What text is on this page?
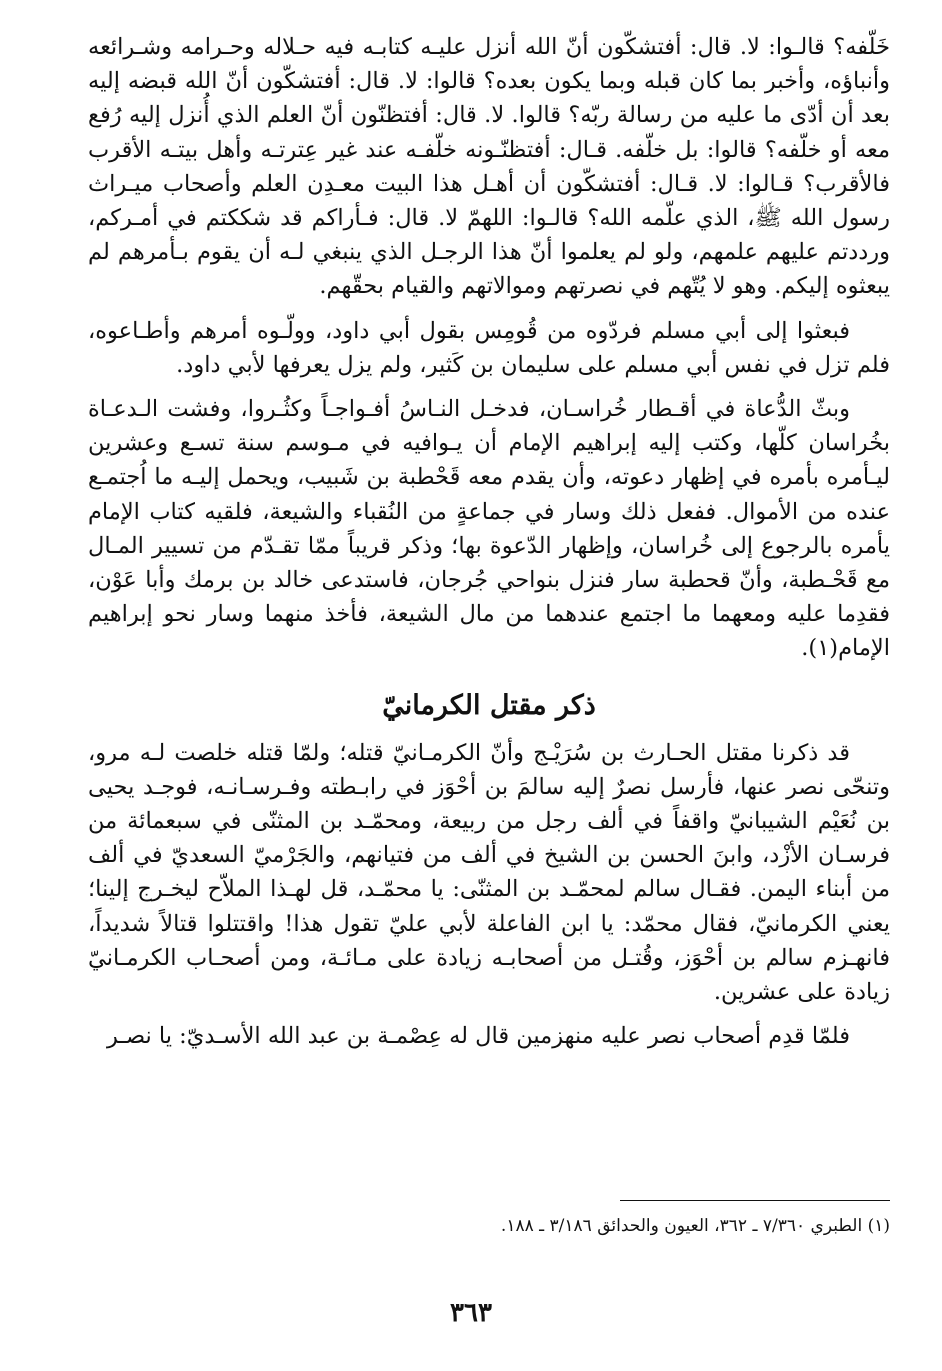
خَلّفه؟ قالـوا: لا. قال: أفتشكّون أنّ الله أنزل عليـه كتابـه فيه حـلاله وحـرامه وشـرائعه وأنباؤه، وأخبر بما كان قبله وبما يكون بعده؟ قالوا: لا. قال: أفتشكّون أنّ الله قبضه إليه بعد أن أدّى ما عليه من رسالة ربّه؟ قالوا. لا. قال: أفتظنّون أنّ العلم الذي أُنزل إليه رُفع معه أو خلّفه؟ قالوا: بل خلّفه. قـال: أفتظنّـونه خلّفـه عند غير عِترتـه وأهل بيتـه الأقرب فالأقرب؟ قـالوا: لا. قـال: أفتشكّون أن أهـل هذا البيت معـدِن العلم وأصحاب ميـراث رسول الله ﷺ، الذي علّمه الله؟ قالـوا: اللهمّ لا. قال: فـأراكم قد شككتم في أمـركم، ورددتم عليهم علمهم، ولو لم يعلموا أنّ هذا الرجـل الذي ينبغي لـه أن يقوم بـأمرهم لم يبعثوه إليكم. وهو لا يُتّهم في نصرتهم وموالاتهم والقيام بحقّهم.

فبعثوا إلى أبي مسلم فردّوه من قُومِس بقول أبي داود، وولّـوه أمرهم وأطـاعوه، فلم تزل في نفس أبي مسلم على سليمان بن كَثير، ولم يزل يعرفها لأبي داود.

وبثّ الدُّعاة في أقـطار خُراسـان، فدخـل النـاسُ أفـواجـاً وكثُـروا، وفشت الـدعـاة بخُراسان كلّها، وكتب إليه إبراهيم الإمام أن يـوافيه في مـوسم سنة تسـع وعشرين ليـأمره بأمره في إظهار دعوته، وأن يقدم معه قَحْطبة بن شَبيب، ويحمل إليـه ما اُجتمـع عنده من الأموال. ففعل ذلك وسار في جماعةٍ من النُقباء والشيعة، فلقيه كتاب الإمام يأمره بالرجوع إلى خُراسان، وإظهار الدّعوة بها؛ وذكر قريباً ممّا تقـدّم من تسيير المـال مع قَحْـطبة، وأنّ قحطبة سار فنزل بنواحي جُرجان، فاستدعى خالد بن برمك وأبا عَوْن، فقدِما عليه ومعهما ما اجتمع عندهما من مال الشيعة، فأخذ منهما وسار نحو إبراهيم الإمام(١).

ذكر مقتل الكرمانيّ

قد ذكرنا مقتل الحـارث بن سُرَيْـج وأنّ الكرمـانيّ قتله؛ ولمّا قتله خلصت لـه مرو، وتنحّى نصر عنها، فأرسل نصرٌ إليه سالمَ بن أحْوَز في رابـطته وفـرسـانـه، فوجـد يحيى بن نُعَيْم الشيبانيّ واقفاً في ألف رجل من ربيعة، ومحمّـد بن المثنّى في سبعمائة من فرسـان الأزْد، وابنَ الحسن بن الشيخ في ألف من فتيانهم، والجَرْميّ السعديّ في ألف من أبناء اليمن. فقـال سالم لمحمّـد بن المثنّى: يا محمّـد، قل لهـذا الملاّح ليخـرج إلينا؛ يعني الكرمانيّ، فقال محمّد: يا ابن الفاعلة لأبي عليّ تقول هذا! واقتتلوا قتالاً شديداً، فانهـزم سالم بن أحْوَز، وقُتـل من أصحابـه زيادة على مـائـة، ومن أصحـاب الكرمـانيّ زيادة على عشرين.

فلمّا قدِم أصحاب نصر عليه منهزمين قال له عِصْمـة بن عبد الله الأسـديّ: يا نصـر

(١) الطبري ٧/٣٦٠ ـ ٣٦٢، العيون والحدائق ٣/١٨٦ ـ ١٨٨.
٣٦٣
